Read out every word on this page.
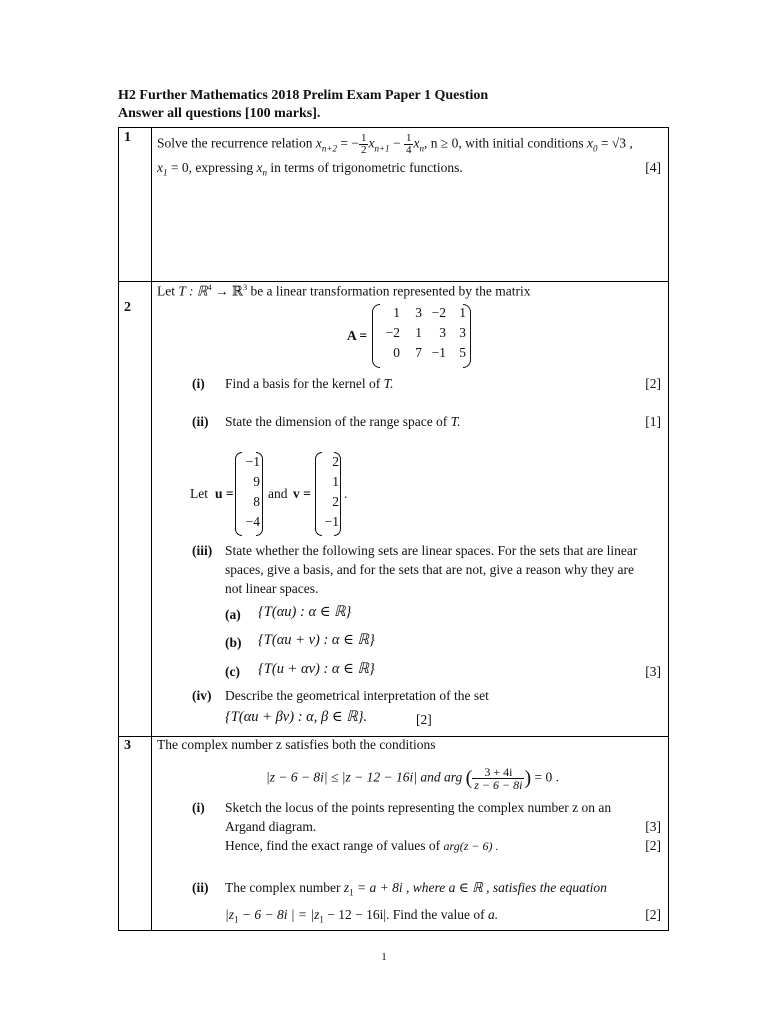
H2 Further Mathematics 2018 Prelim Exam Paper 1 Question
Answer all questions [100 marks].
1 Solve the recurrence relation $x_{n+2}$ = − $\frac{1}{2} x_{n+1} - \frac{1}{4} x_n$, n ≥ 0, with initial conditions $x_0 = √3$ ,
$x_1 = 0$, expressing $x_n$ in terms of trigonometric functions.	[4]
2
Let T : ℝ$^4$ → ℝ$^3$ be a linear transformation represented by the matrix
A =
1	3 −2 1
−2	1	3 3
0	7 −1 5
(i) Find a basis for the kernel of T.	[2]
(ii) State the dimension of the range space of T.	[1]
Let u =
−1
9
8
−4
and v =
2
1
2
−1
.
(iii) State whether the following sets are linear spaces. For the sets that are linear
spaces, give a basis, and for the sets that are not, give a reason why they are
not linear spaces.
(a) {T(αu) : α ∈ ℝ}
(b) {T(αu + v) : α ∈ ℝ}
(c) {T(u + αv) : α ∈ ℝ}	[3]
(iv) Describe the geometrical interpretation of the set
{T(αu + βv) : α, β ∈ ℝ}.	[2]
3 The complex number z satisfies both the conditions
|z − 6 − 8i| ≤ |z − 12 − 16i| and arg ( $\frac{3 + 4i}{z - 6 - 8i}$ ) = 0 .
(i) Sketch the locus of the points representing the complex number z on an
Argand diagram.	[3]
Hence, find the exact range of values of arg(z − 6) .	[2]
(ii) The complex number $z_1 = a + 8i$ , where a ∈ ℝ , satisfies the equation
$|z_1 - 6 - 8i$ | = $|z_1 - 12 - 16i|$. Find the value of a.	[2]
1
